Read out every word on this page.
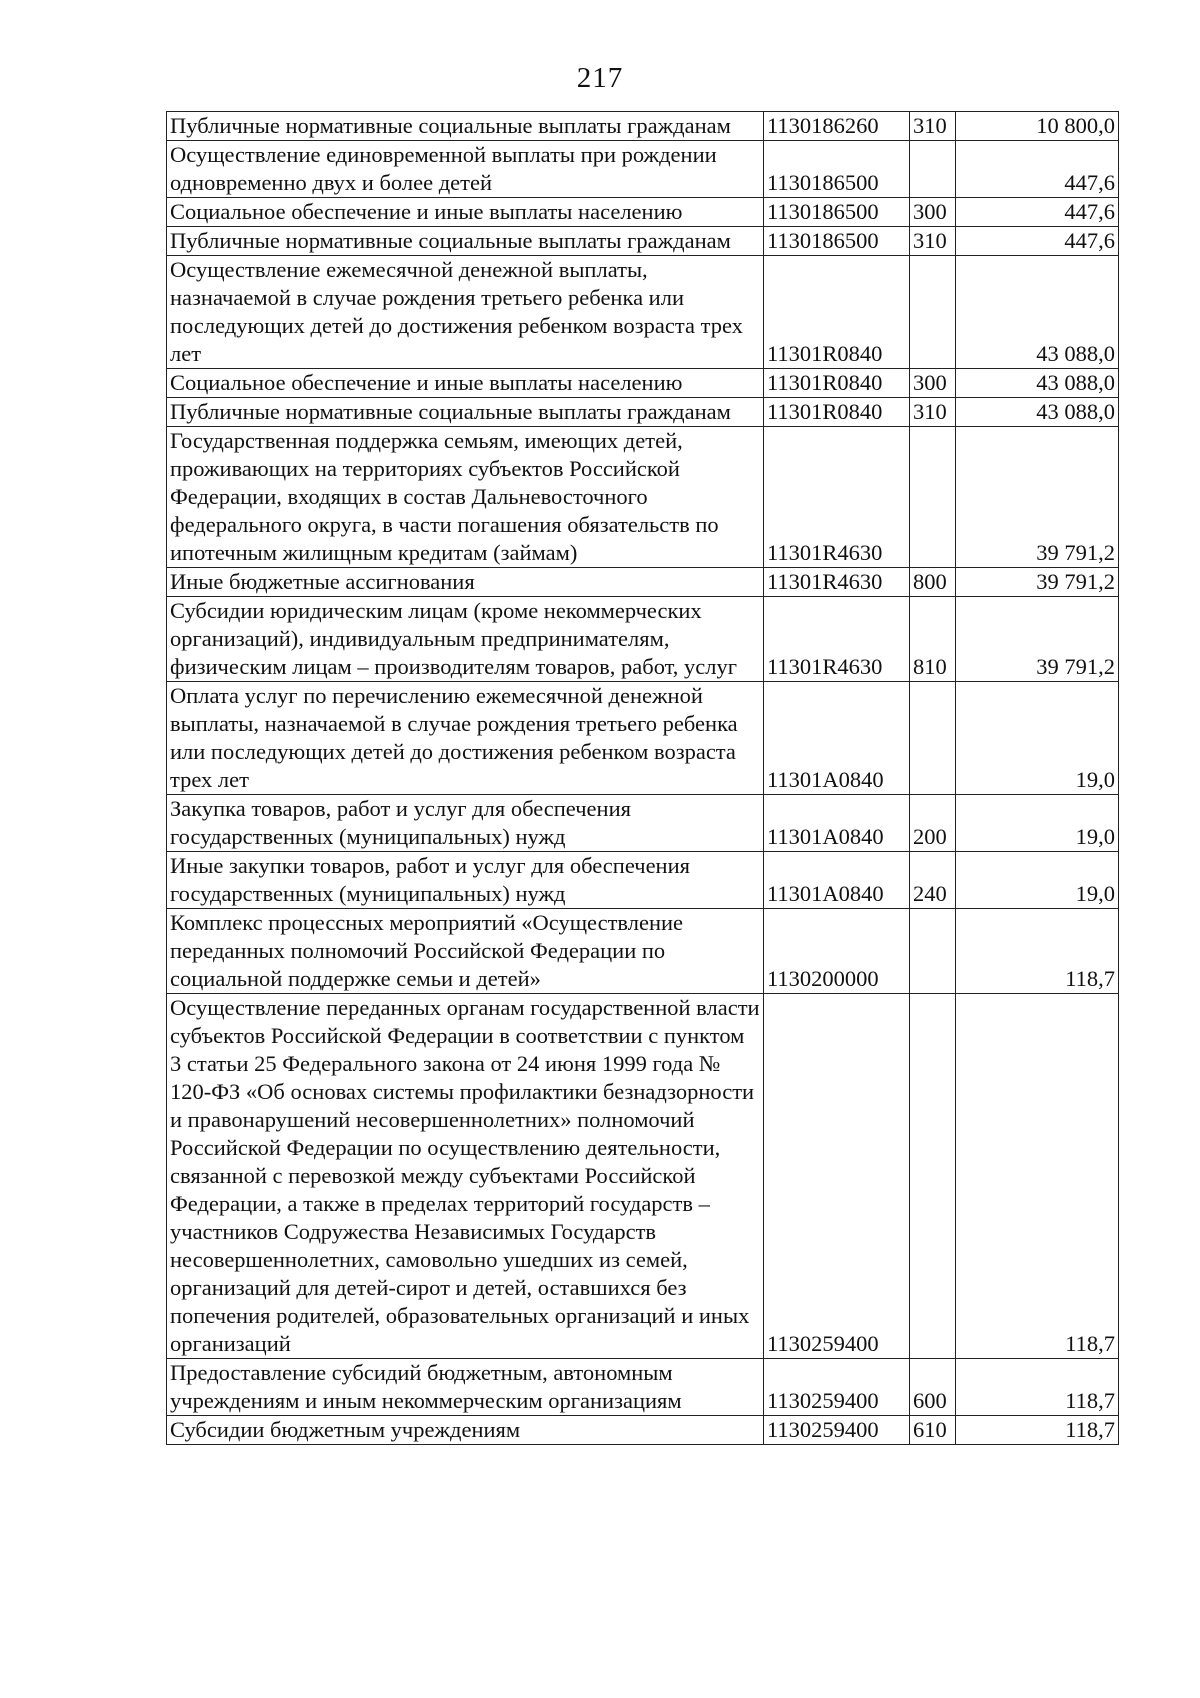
217
Публичные нормативные социальные выплаты гражданам	1130186260	310	10 800,0
Осуществление единовременной выплаты при рождении одновременно двух и более детей	1130186500		447,6
Социальное обеспечение и иные выплаты населению	1130186500	300	447,6
Публичные нормативные социальные выплаты гражданам	1130186500	310	447,6
Осуществление ежемесячной денежной выплаты, назначаемой в случае рождения третьего ребенка или последующих детей до достижения ребенком возраста трех лет	11301R0840		43 088,0
Социальное обеспечение и иные выплаты населению	11301R0840	300	43 088,0
Публичные нормативные социальные выплаты гражданам	11301R0840	310	43 088,0
Государственная поддержка семьям, имеющих детей, проживающих на территориях субъектов Российской Федерации, входящих в состав Дальневосточного федерального округа, в части погашения обязательств по ипотечным жилищным кредитам (займам)	11301R4630		39 791,2
Иные бюджетные ассигнования	11301R4630	800	39 791,2
Субсидии юридическим лицам (кроме некоммерческих организаций), индивидуальным предпринимателям, физическим лицам – производителям товаров, работ, услуг	11301R4630	810	39 791,2
Оплата услуг по перечислению ежемесячной денежной выплаты, назначаемой в случае рождения третьего ребенка или последующих детей до достижения ребенком возраста трех лет	11301A0840		19,0
Закупка товаров, работ и услуг для обеспечения государственных (муниципальных) нужд	11301A0840	200	19,0
Иные закупки товаров, работ и услуг для обеспечения государственных (муниципальных) нужд	11301A0840	240	19,0
Комплекс процессных мероприятий «Осуществление переданных полномочий Российской Федерации по социальной поддержке семьи и детей»	1130200000		118,7
Осуществление переданных органам государственной власти субъектов Российской Федерации в соответствии с пунктом 3 статьи 25 Федерального закона от 24 июня 1999 года № 120-ФЗ «Об основах системы профилактики безнадзорности и правонарушений несовершеннолетних» полномочий Российской Федерации по осуществлению деятельности, связанной с перевозкой между субъектами Российской Федерации, а также в пределах территорий государств – участников Содружества Независимых Государств несовершеннолетних, самовольно ушедших из семей, организаций для детей-сирот и детей, оставшихся без попечения родителей, образовательных организаций и иных организаций	1130259400		118,7
Предоставление субсидий бюджетным, автономным учреждениям и иным некоммерческим организациям	1130259400	600	118,7
Субсидии бюджетным учреждениям	1130259400	610	118,7
